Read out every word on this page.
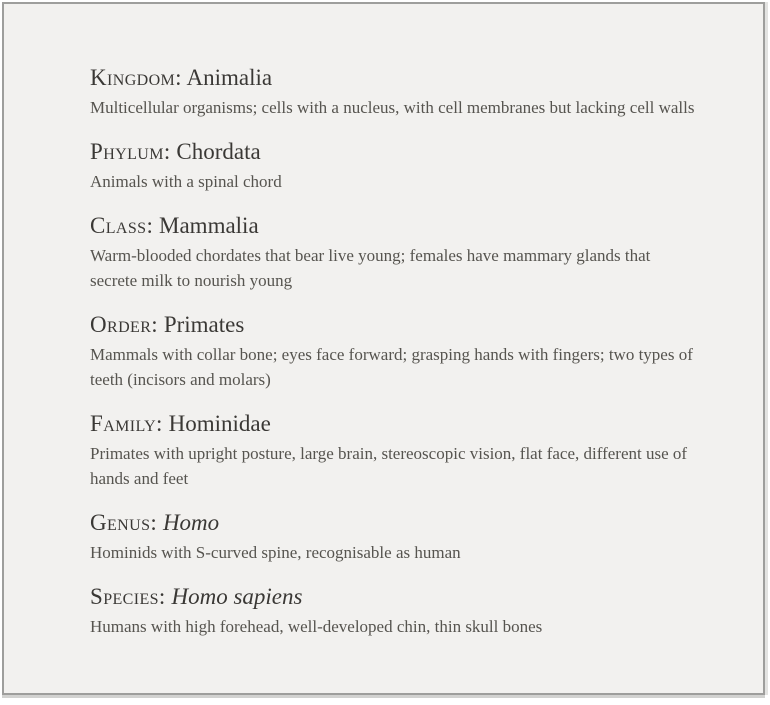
Kingdom: Animalia

Multicellular organisms; cells with a nucleus, with cell membranes but lacking cell walls

Phylum: Chordata

Animals with a spinal chord

Class: Mammalia

Warm-blooded chordates that bear live young; females have mammary glands that secrete milk to nourish young

Order: Primates

Mammals with collar bone; eyes face forward; grasping hands with fingers; two types of teeth (incisors and molars)

Family: Hominidae

Primates with upright posture, large brain, stereoscopic vision, flat face, different use of hands and feet

Genus: Homo

Hominids with S-curved spine, recognisable as human

Species: Homo sapiens

Humans with high forehead, well-developed chin, thin skull bones
